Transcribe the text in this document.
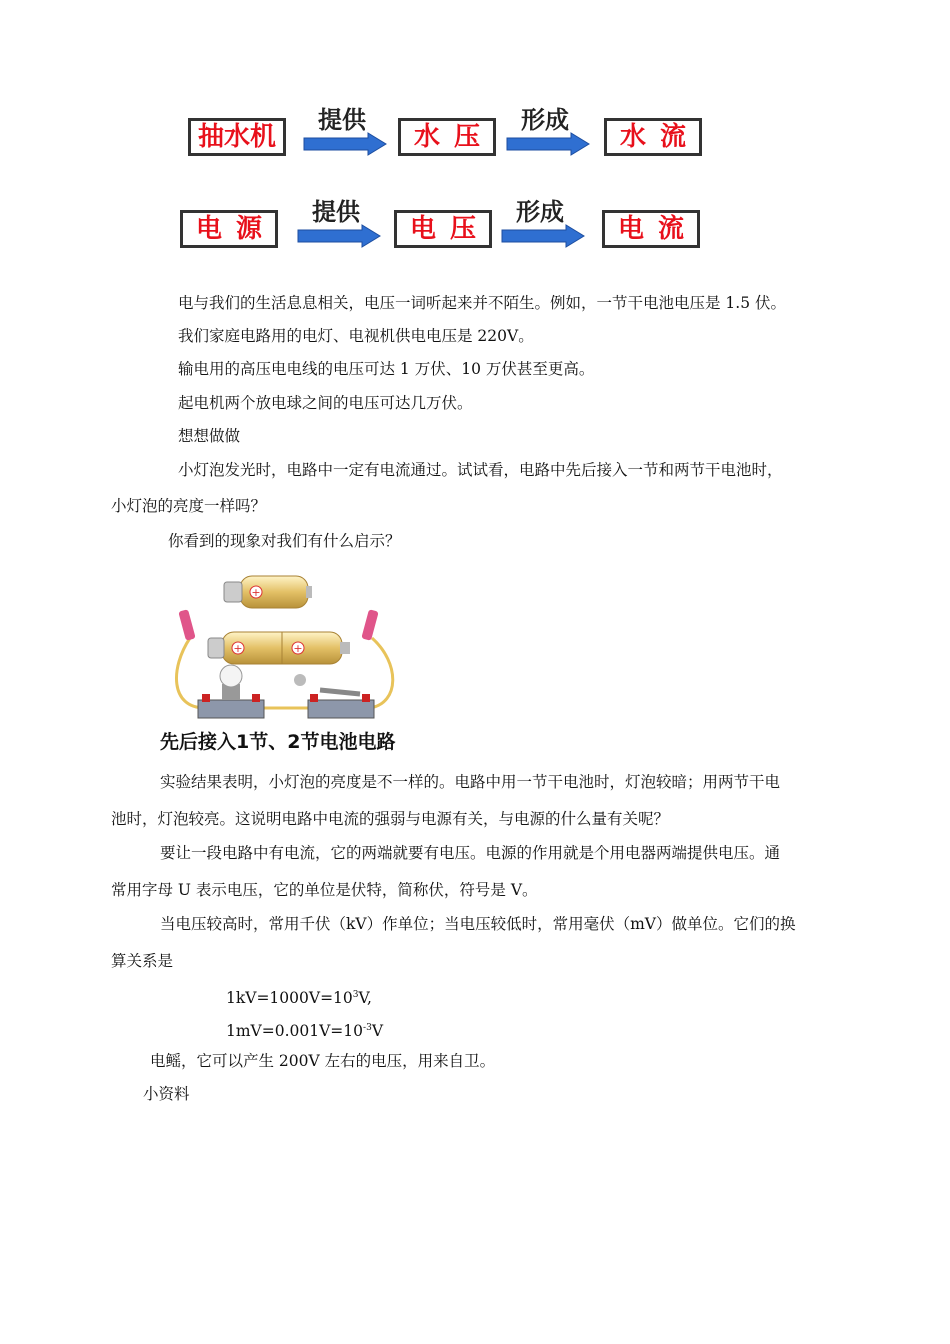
抽水机
提供
水 压
形成
水 流
电 源
提供
电 压
形成
电 流

电与我们的生活息息相关，电压一词听起来并不陌生。例如，一节干电池电压是 1.5 伏。

我们家庭电路用的电灯、电视机供电电压是 220V。

输电用的高压电电线的电压可达 1 万伏、10 万伏甚至更高。

起电机两个放电球之间的电压可达几万伏。

想想做做

小灯泡发光时，电路中一定有电流通过。试试看，电路中先后接入一节和两节干电池时，

小灯泡的亮度一样吗？

你看到的现象对我们有什么启示？

+
+	+
先后接入1节、2节电池电路

实验结果表明，小灯泡的亮度是不一样的。电路中用一节干电池时，灯泡较暗；用两节干电

池时，灯泡较亮。这说明电路中电流的强弱与电源有关，与电源的什么量有关呢？

要让一段电路中有电流，它的两端就要有电压。电源的作用就是个用电器两端提供电压。通

常用字母 U 表示电压，它的单位是伏特，简称伏，符号是 V。

当电压较高时，常用千伏（kV）作单位；当电压较低时，常用毫伏（mV）做单位。它们的换

算关系是

$1kV=1000V=10^3V$,

$1mV=0.001V=10^{-3}V$

电鳐，它可以产生 200V 左右的电压，用来自卫。

小资料
